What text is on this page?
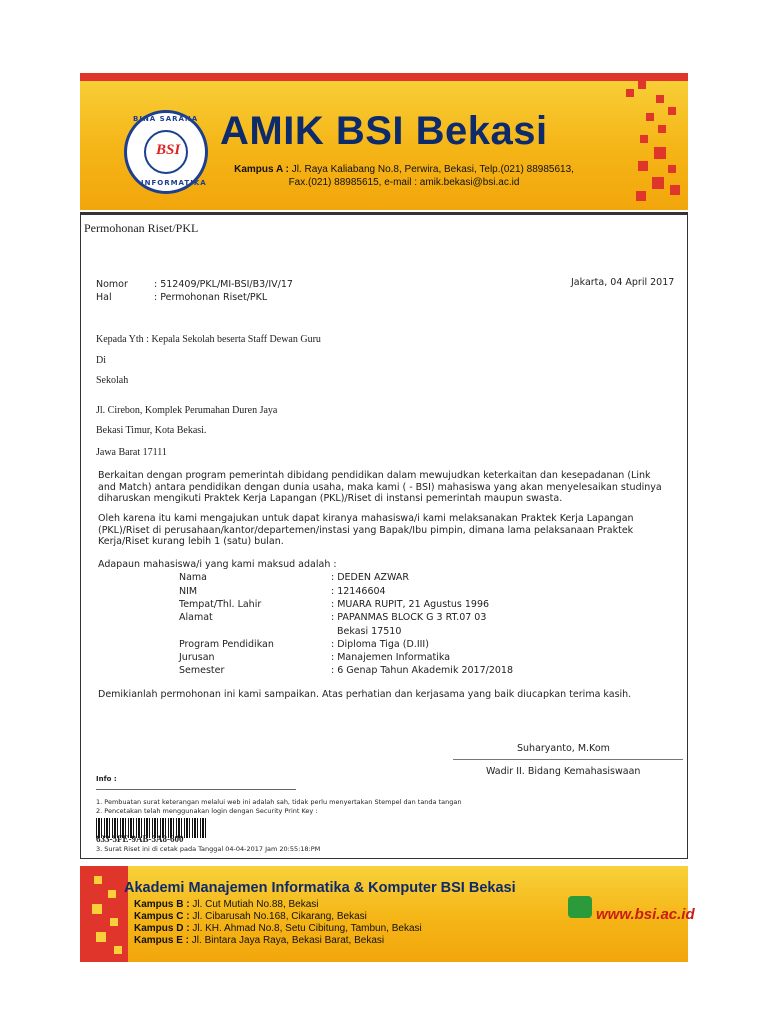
BINA SARANA
BSI
INFORMATIKA
AMIK BSI Bekasi
Kampus A : Jl. Raya Kaliabang No.8, Perwira, Bekasi, Telp.(021) 88985613,
Fax.(021) 88985615, e-mail : amik.bekasi@bsi.ac.id
Permohonan Riset/PKL
Nomor	: 512409/PKL/MI-BSI/B3/IV/17
Hal	: Permohonan Riset/PKL
Jakarta, 04 April 2017
Kepada Yth : Kepala Sekolah beserta Staff Dewan Guru
Di
Sekolah
Jl. Cirebon, Komplek Perumahan Duren Jaya
Bekasi Timur, Kota Bekasi.
Jawa Barat 17111
Berkaitan dengan program pemerintah dibidang pendidikan dalam mewujudkan keterkaitan dan kesepadanan (Link and Match) antara pendidikan dengan dunia usaha, maka kami ( - BSI) mahasiswa yang akan menyelesaikan studinya diharuskan mengikuti Praktek Kerja Lapangan (PKL)/Riset di instansi pemerintah maupun swasta.
Oleh karena itu kami mengajukan untuk dapat kiranya mahasiswa/i kami melaksanakan Praktek Kerja Lapangan (PKL)/Riset di perusahaan/kantor/departemen/instasi yang Bapak/Ibu pimpin, dimana lama pelaksanaan Praktek Kerja/Riset kurang lebih 1 (satu) bulan.
Adapaun mahasiswa/i yang kami maksud adalah :
Nama	: DEDEN AZWAR
NIM	: 12146604
Tempat/Thl. Lahir	: MUARA RUPIT, 21 Agustus 1996
Alamat	: PAPANMAS BLOCK G 3 RT.07 03
Bekasi 17510
Program Pendidikan	: Diploma Tiga (D.III)
Jurusan	: Manajemen Informatika
Semester	: 6 Genap Tahun Akademik 2017/2018
Demikianlah permohonan ini kami sampaikan. Atas perhatian dan kerjasama yang baik diucapkan terima kasih.
Suharyanto, M.Kom
Wadir II. Bidang Kemahasiswaan
Info :
1. Pembuatan surat keterangan melalui web ini adalah sah, tidak perlu menyertakan Stempel dan tanda tangan
2. Pencetakan telah menggunakan login dengan Security Print Key :
633-5FE-9AB-5A8-600
3. Surat Riset ini di cetak pada Tanggal 04-04-2017 Jam 20:55:18:PM
Akademi Manajemen Informatika & Komputer BSI Bekasi
Kampus B : Jl. Cut Mutiah No.88, Bekasi
Kampus C : Jl. Cibarusah No.168, Cikarang, Bekasi
Kampus D : Jl. KH. Ahmad No.8, Setu Cibitung, Tambun, Bekasi
Kampus E : Jl. Bintara Jaya Raya, Bekasi Barat, Bekasi
www.bsi.ac.id
